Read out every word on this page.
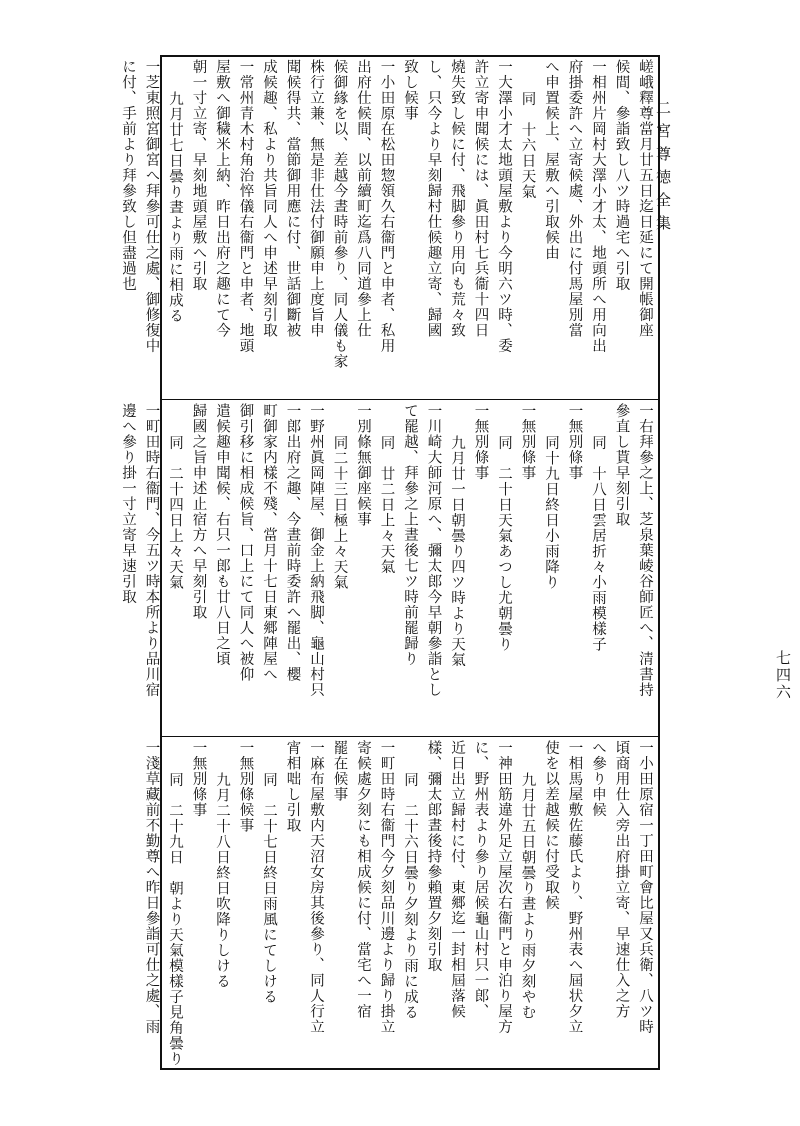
二宮尊徳全集
七四六
嵯峨釋尊當月廿五日迄日延にて開帳御座
候間、參詣致し八ツ時過宅へ引取
一相州片岡村大澤小才太、地頭所へ用向出
府掛委許へ立寄候處、外出に付馬屋別當
へ申置候上、屋敷へ引取候由
同　十六日天氣
一大澤小才太地頭屋敷より今明六ツ時、委
許立寄申聞候には、眞田村七兵衞十四日
燒失致し候に付、飛脚參り用向も荒々致
し、只今より早刻歸村仕候趣立寄、歸國
致し候事
一小田原在松田惣領久右衞門と申者、私用
出府仕候間、以前續町迄爲八同道參上仕
候御緣を以、差越今晝時前參り、同人儀も家
株行立兼、無是非仕法付御願申上度旨申
聞候得共、當節御用應に付、世話御斷被
成候趣、私より共旨同人へ申述早刻引取
一常州青木村角治悴儀右衞門と申者、地頭
屋敷へ御穢米上納、昨日出府之趣にて今
朝一寸立寄、早刻地頭屋敷へ引取
九月廿七日曇り晝より雨に相成る
一芝東照宮御宮へ拜參可仕之處、御修復中
に付、手前より拜參致し但盡過也
一右拜參之上、芝泉葉崚谷師匠へ、清書持
參直し貰早刻引取
同　十八日雲居折々小雨模樣子
一無別條事
同十九日終日小雨降り
一無別條事
同　二十日天氣あつし尤朝曇り
一無別條事
九月廿一日朝曇り四ツ時より天氣
一川崎大師河原へ、彌太郎今早朝參詣とし
て罷越、拜參之上晝後七ツ時前罷歸り
同　廿二日上々天氣
一別條無御座候事
同二十三日極上々天氣
一野州眞岡陣屋、御金上納飛脚、龜山村只
一郎出府之趣、今晝前時委許へ罷出、櫻
町御家内樣不殘、當月十七日東郷陣屋へ
御引移に相成候旨、口上にて同人へ被仰
遣候趣申聞候、右只一郎も廿八日之頃
歸國之旨申述止宿方へ早刻引取
同　二十四日上々天氣
一町田時右衞門、今五ツ時本所より品川宿
邊へ參り掛一寸立寄早速引取
一小田原宿一丁田町會比屋又兵衛、八ツ時
頃商用仕入旁出府掛立寄、早速仕入之方
へ參り申候
一相馬屋敷佐藤氏より、野州表へ屆状夕立
使を以差越候に付受取候
九月廿五日朝曇り晝より雨夕刻やむ
一神田筋違外足立屋次右衞門と申泊り屋方
に、野州表より參り居候龜山村只一郎、
近日出立歸村に付、東郷迄一封相屆落候
樣、彌太郎晝後持參賴置夕刻引取
同　二十六日曇り夕刻より雨に成る
一町田時右衞門今夕刻品川邊より歸り掛立
寄候處夕刻にも相成候に付、當宅へ一宿
罷在候事
一麻布屋敷内天沼女房其後參り、同人行立
宵相咄し引取
同　二十七日終日雨風にてしける
一無別條候事
九月二十八日終日吹降りしける
一無別條事
同　二十九日　朝より天氣模樣子見角曇り
一淺草藏前不勤尊へ昨日參詣可仕之處、雨
